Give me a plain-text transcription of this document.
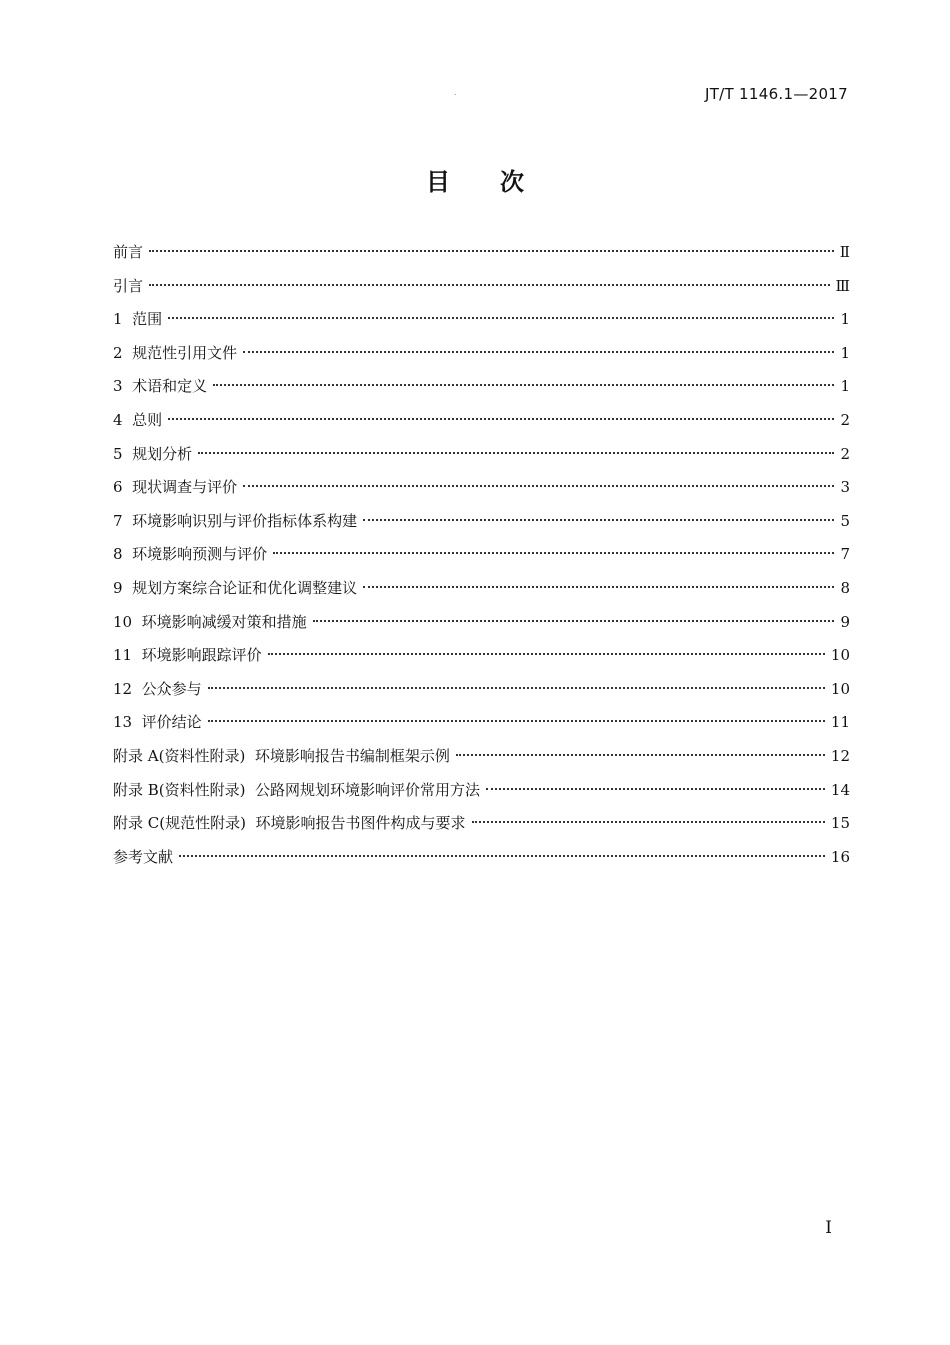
JT/T 1146.1—2017
.
目次
前言	Ⅱ
引言	Ⅲ
1 范围	1
2 规范性引用文件	1
3 术语和定义	1
4 总则	2
5 规划分析	2
6 现状调查与评价	3
7 环境影响识别与评价指标体系构建	5
8 环境影响预测与评价	7
9 规划方案综合论证和优化调整建议	8
10 环境影响减缓对策和措施	9
11 环境影响跟踪评价	10
12 公众参与	10
13 评价结论	11
附录 A(资料性附录)  环境影响报告书编制框架示例	12
附录 B(资料性附录)  公路网规划环境影响评价常用方法	14
附录 C(规范性附录)  环境影响报告书图件构成与要求	15
参考文献	16
I
